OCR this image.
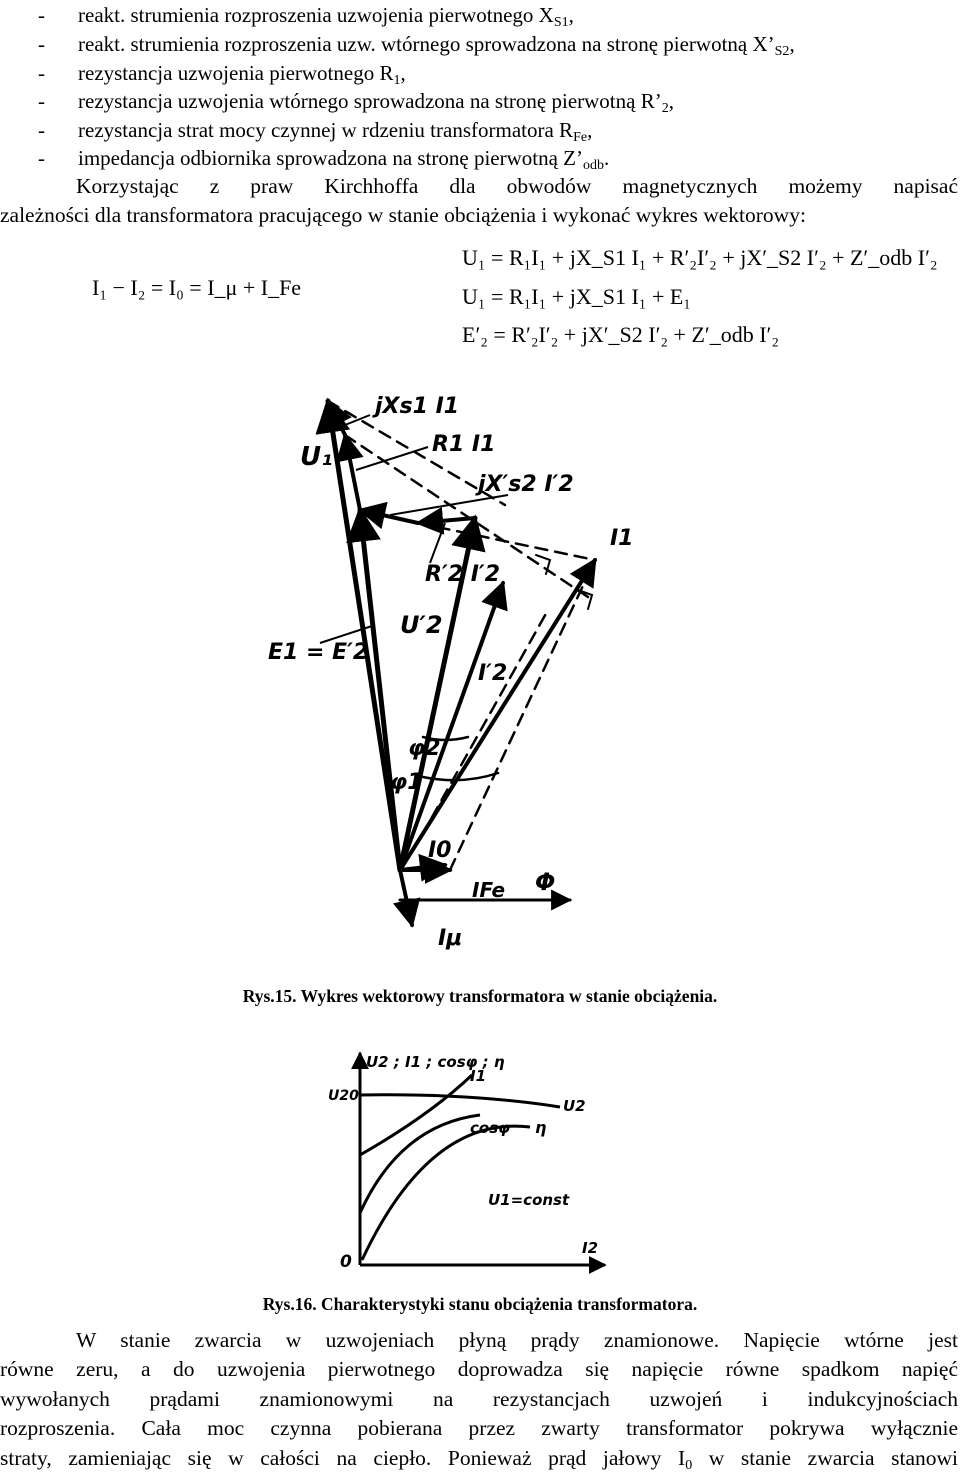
- reakt. strumienia rozproszenia uzwojenia pierwotnego $X_{S1}$,
- reakt. strumienia rozproszenia uzw. wtórnego sprowadzona na stronę pierwotną $X’_{S2}$,
- rezystancja uzwojenia pierwotnego $R_1$,
- rezystancja uzwojenia wtórnego sprowadzona na stronę pierwotną $R’_2$,
- rezystancja strat mocy czynnej w rdzeniu transformatora $R_{Fe}$,
- impedancja odbiornika sprowadzona na stronę pierwotną $Z’_{odb}$.
Korzystając z praw Kirchhoffa dla obwodów magnetycznych możemy napisać
zależności dla transformatora pracującego w stanie obciążenia i wykonać wykres wektorowy:
I₁ − I₂ = I₀ = I_μ + I_Fe
U₁ = R₁I₁ + jX_S1 I₁ + R′₂I′₂ + jX′_S2 I′₂ + Z′_odb I′₂
U₁ = R₁I₁ + jX_S1 I₁ + E₁
E′₂ = R′₂I′₂ + jX′_S2 I′₂ + Z′_odb I′₂
U₁
jXs1 I1
R1 I1
jX′s2 I′2
R′2 I′2
U′2
E1 = E′2
I′2
I1
φ2
φ1
I0
IFe Φ
Iμ
Rys.15. Wykres wektorowy transformatora w stanie obciążenia.
U2 ; I1 ; cosφ ; η
U20
I1
U2
cosφ η
U1=const
0
I2
Rys.16. Charakterystyki stanu obciążenia transformatora.
W stanie zwarcia w uzwojeniach płyną prądy znamionowe. Napięcie wtórne jest
równe zeru, a do uzwojenia pierwotnego doprowadza się napięcie równe spadkom napięć
wywołanych prądami znamionowymi na rezystancjach uzwojeń i indukcyjnościach
rozproszenia. Cała moc czynna pobierana przez zwarty transformator pokrywa wyłącznie
straty, zamieniając się w całości na ciepło. Ponieważ prąd jałowy $I_0$ w stanie zwarcia stanowi
